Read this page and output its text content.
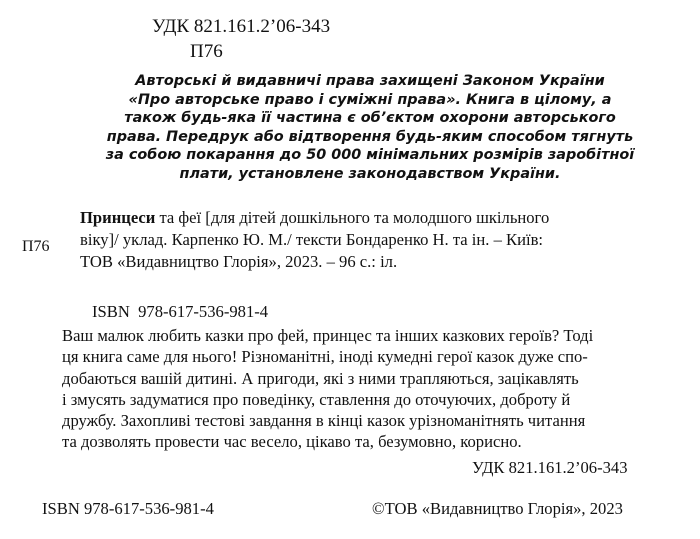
УДК 821.161.2’06-343
П76
Авторські й видавничі права захищені Законом України
«Про авторське право і суміжні права». Книга в цілому, а
також будь-яка її частина є об’єктом охорони авторського
права. Передрук або відтворення будь-яким способом тягнуть
за собою покарання до 50 000 мінімальних розмірів заробітної
плати, установлене законодавством України.
П76
Принцеси та феї [для дітей дошкільного та молодшого шкільного
віку]/ уклад. Карпенко Ю. М./ тексти Бондаренко Н. та ін. – Київ:
ТОВ «Видавництво Глорія», 2023. – 96 с.: іл.
ISBN  978-617-536-981-4
Ваш малюк любить казки про фей, принцес та інших казкових героїв? Тоді
ця книга саме для нього! Різноманітні, іноді кумедні герої казок дуже спо-
добаються вашій дитині. А пригоди, які з ними трапляються, зацікавлять
і змусять задуматися про поведінку, ставлення до оточуючих, доброту й
дружбу. Захопливі тестові завдання в кінці казок урізноманітнять читання
та дозволять провести час весело, цікаво та, безумовно, корисно.
УДК 821.161.2’06-343
ISBN 978-617-536-981-4	©ТОВ «Видавництво Глорія», 2023
